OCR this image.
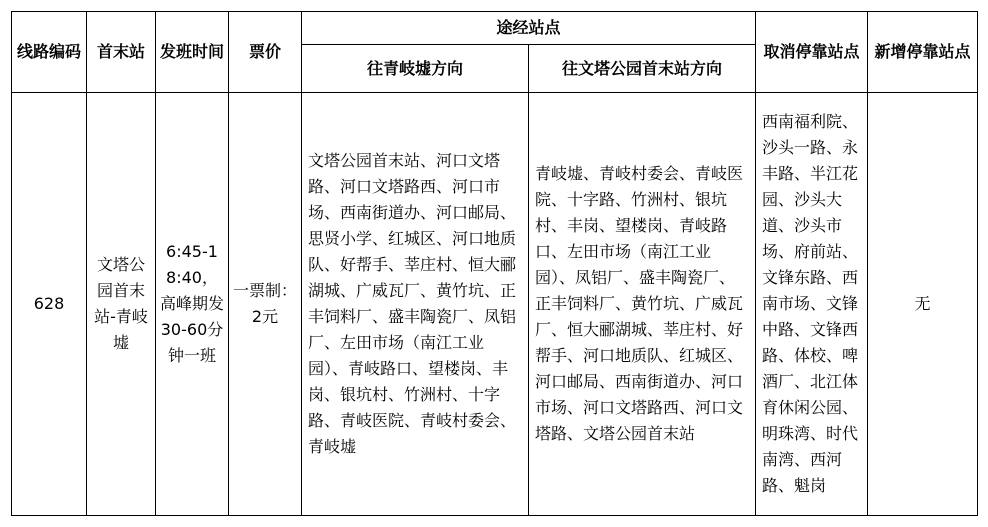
线路编码	首末站	发班时间	票价	途经站点		取消停靠站点	新增停靠站点

				往青岐墟方向	往文塔公园首末站方向		
628	文塔公园首末站-青岐墟	6:45-18:40，高峰期发30-60分钟一班	一票制：2元	文塔公园首末站、河口文塔路、河口文塔路西、河口市场、西南街道办、河口邮局、思贤小学、红城区、河口地质队、好帮手、莘庄村、恒大郦湖城、广威瓦厂、黄竹坑、正丰饲料厂、盛丰陶瓷厂、凤铝厂、左田市场（南江工业园）、青岐路口、望楼岗、丰岗、银坑村、竹洲村、十字路、青岐医院、青岐村委会、青岐墟	青岐墟、青岐村委会、青岐医院、十字路、竹洲村、银坑村、丰岗、望楼岗、青岐路口、左田市场（南江工业园）、凤铝厂、盛丰陶瓷厂、正丰饲料厂、黄竹坑、广威瓦厂、恒大郦湖城、莘庄村、好帮手、河口地质队、红城区、河口邮局、西南街道办、河口市场、河口文塔路西、河口文塔路、文塔公园首末站	西南福利院、沙头一路、永丰路、半江花园、沙头大道、沙头市场、府前站、文锋东路、西南市场、文锋中路、文锋西路、体校、啤酒厂、北江体育休闲公园、明珠湾、时代南湾、西河路、魁岗	无
